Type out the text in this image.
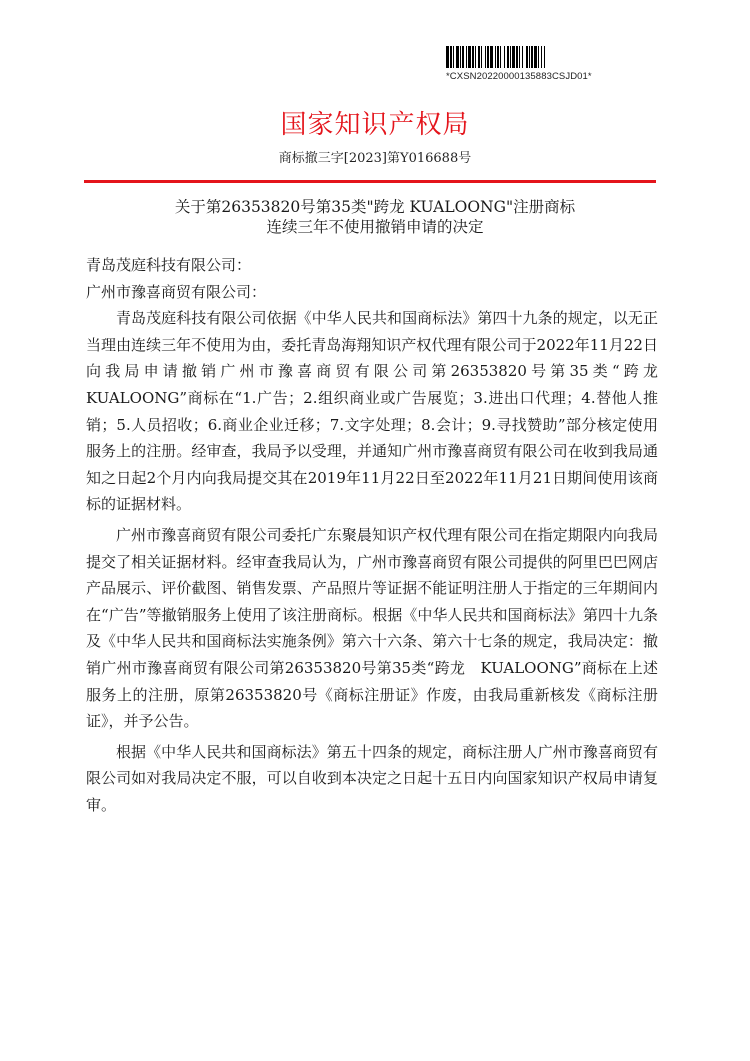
*CXSN20220000135883CSJD01*
国家知识产权局
商标撤三字[2023]第Y016688号
关于第26353820号第35类"跨龙 KUALOONG"注册商标
连续三年不使用撤销申请的决定
青岛茂庭科技有限公司：
广州市豫喜商贸有限公司：

青岛茂庭科技有限公司依据《中华人民共和国商标法》第四十九条的规定，以无正当理由连续三年不使用为由，委托青岛海翔知识产权代理有限公司于2022年11月22日向我局申请撤销广州市豫喜商贸有限公司第26353820号第35类“跨龙 KUALOONG”商标在“1.广告；2.组织商业或广告展览；3.进出口代理；4.替他人推销；5.人员招收；6.商业企业迁移；7.文字处理；8.会计；9.寻找赞助”部分核定使用服务上的注册。经审查，我局予以受理，并通知广州市豫喜商贸有限公司在收到我局通知之日起2个月内向我局提交其在2019年11月22日至2022年11月21日期间使用该商标的证据材料。

广州市豫喜商贸有限公司委托广东聚晨知识产权代理有限公司在指定期限内向我局提交了相关证据材料。经审查我局认为，广州市豫喜商贸有限公司提供的阿里巴巴网店产品展示、评价截图、销售发票、产品照片等证据不能证明注册人于指定的三年期间内在“广告”等撤销服务上使用了该注册商标。根据《中华人民共和国商标法》第四十九条及《中华人民共和国商标法实施条例》第六十六条、第六十七条的规定，我局决定：撤销广州市豫喜商贸有限公司第26353820号第35类“跨龙　KUALOONG”商标在上述服务上的注册，原第26353820号《商标注册证》作废，由我局重新核发《商标注册证》，并予公告。

根据《中华人民共和国商标法》第五十四条的规定，商标注册人广州市豫喜商贸有限公司如对我局决定不服，可以自收到本决定之日起十五日内向国家知识产权局申请复审。
